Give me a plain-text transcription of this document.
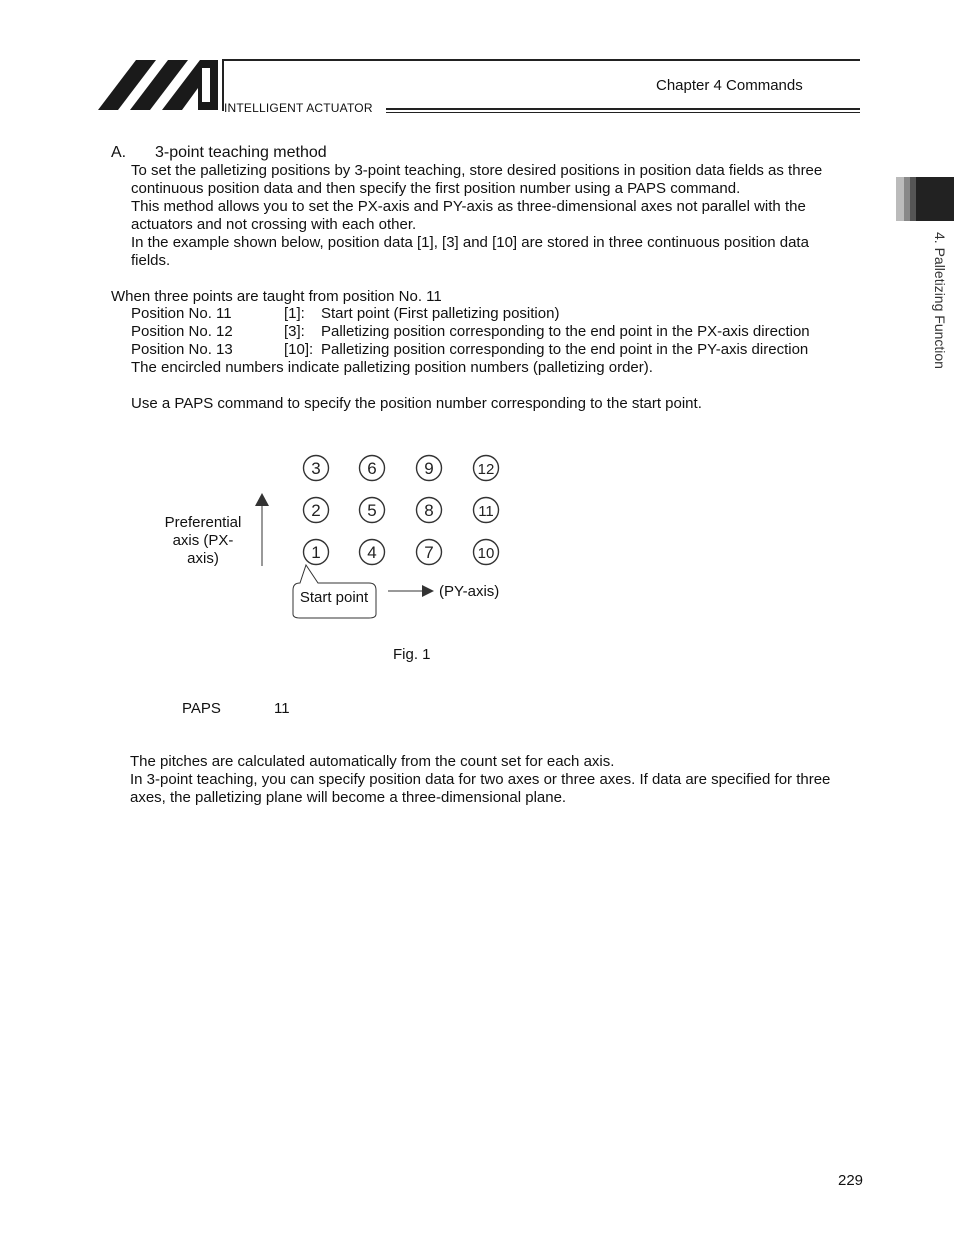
Chapter 4 Commands
INTELLIGENT ACTUATOR
4. Palletizing Function
A. 3-point teaching method
To set the palletizing positions by 3-point teaching, store desired positions in position data fields as three
continuous position data and then specify the first position number using a PAPS command.
This method allows you to set the PX-axis and PY-axis as three-dimensional axes not parallel with the
actuators and not crossing with each other.
In the example shown below, position data [1], [3] and [10] are stored in three continuous position data
fields.
When three points are taught from position No. 11
Position No. 11	[1]: Start point (First palletizing position)
Position No. 12	[3]: Palletizing position corresponding to the end point in the PX-axis direction
Position No. 13	[10]: Palletizing position corresponding to the end point in the PY-axis direction
The encircled numbers indicate palletizing position numbers (palletizing order).
Use a PAPS command to specify the position number corresponding to the start point.
3	6	9	12
2	5	8	11
1	4	7	10
Start point	(PY-axis)
Preferential
axis (PX-
axis)
Fig. 1
PAPS	11
The pitches are calculated automatically from the count set for each axis.
In 3-point teaching, you can specify position data for two axes or three axes. If data are specified for three
axes, the palletizing plane will become a three-dimensional plane.
229
